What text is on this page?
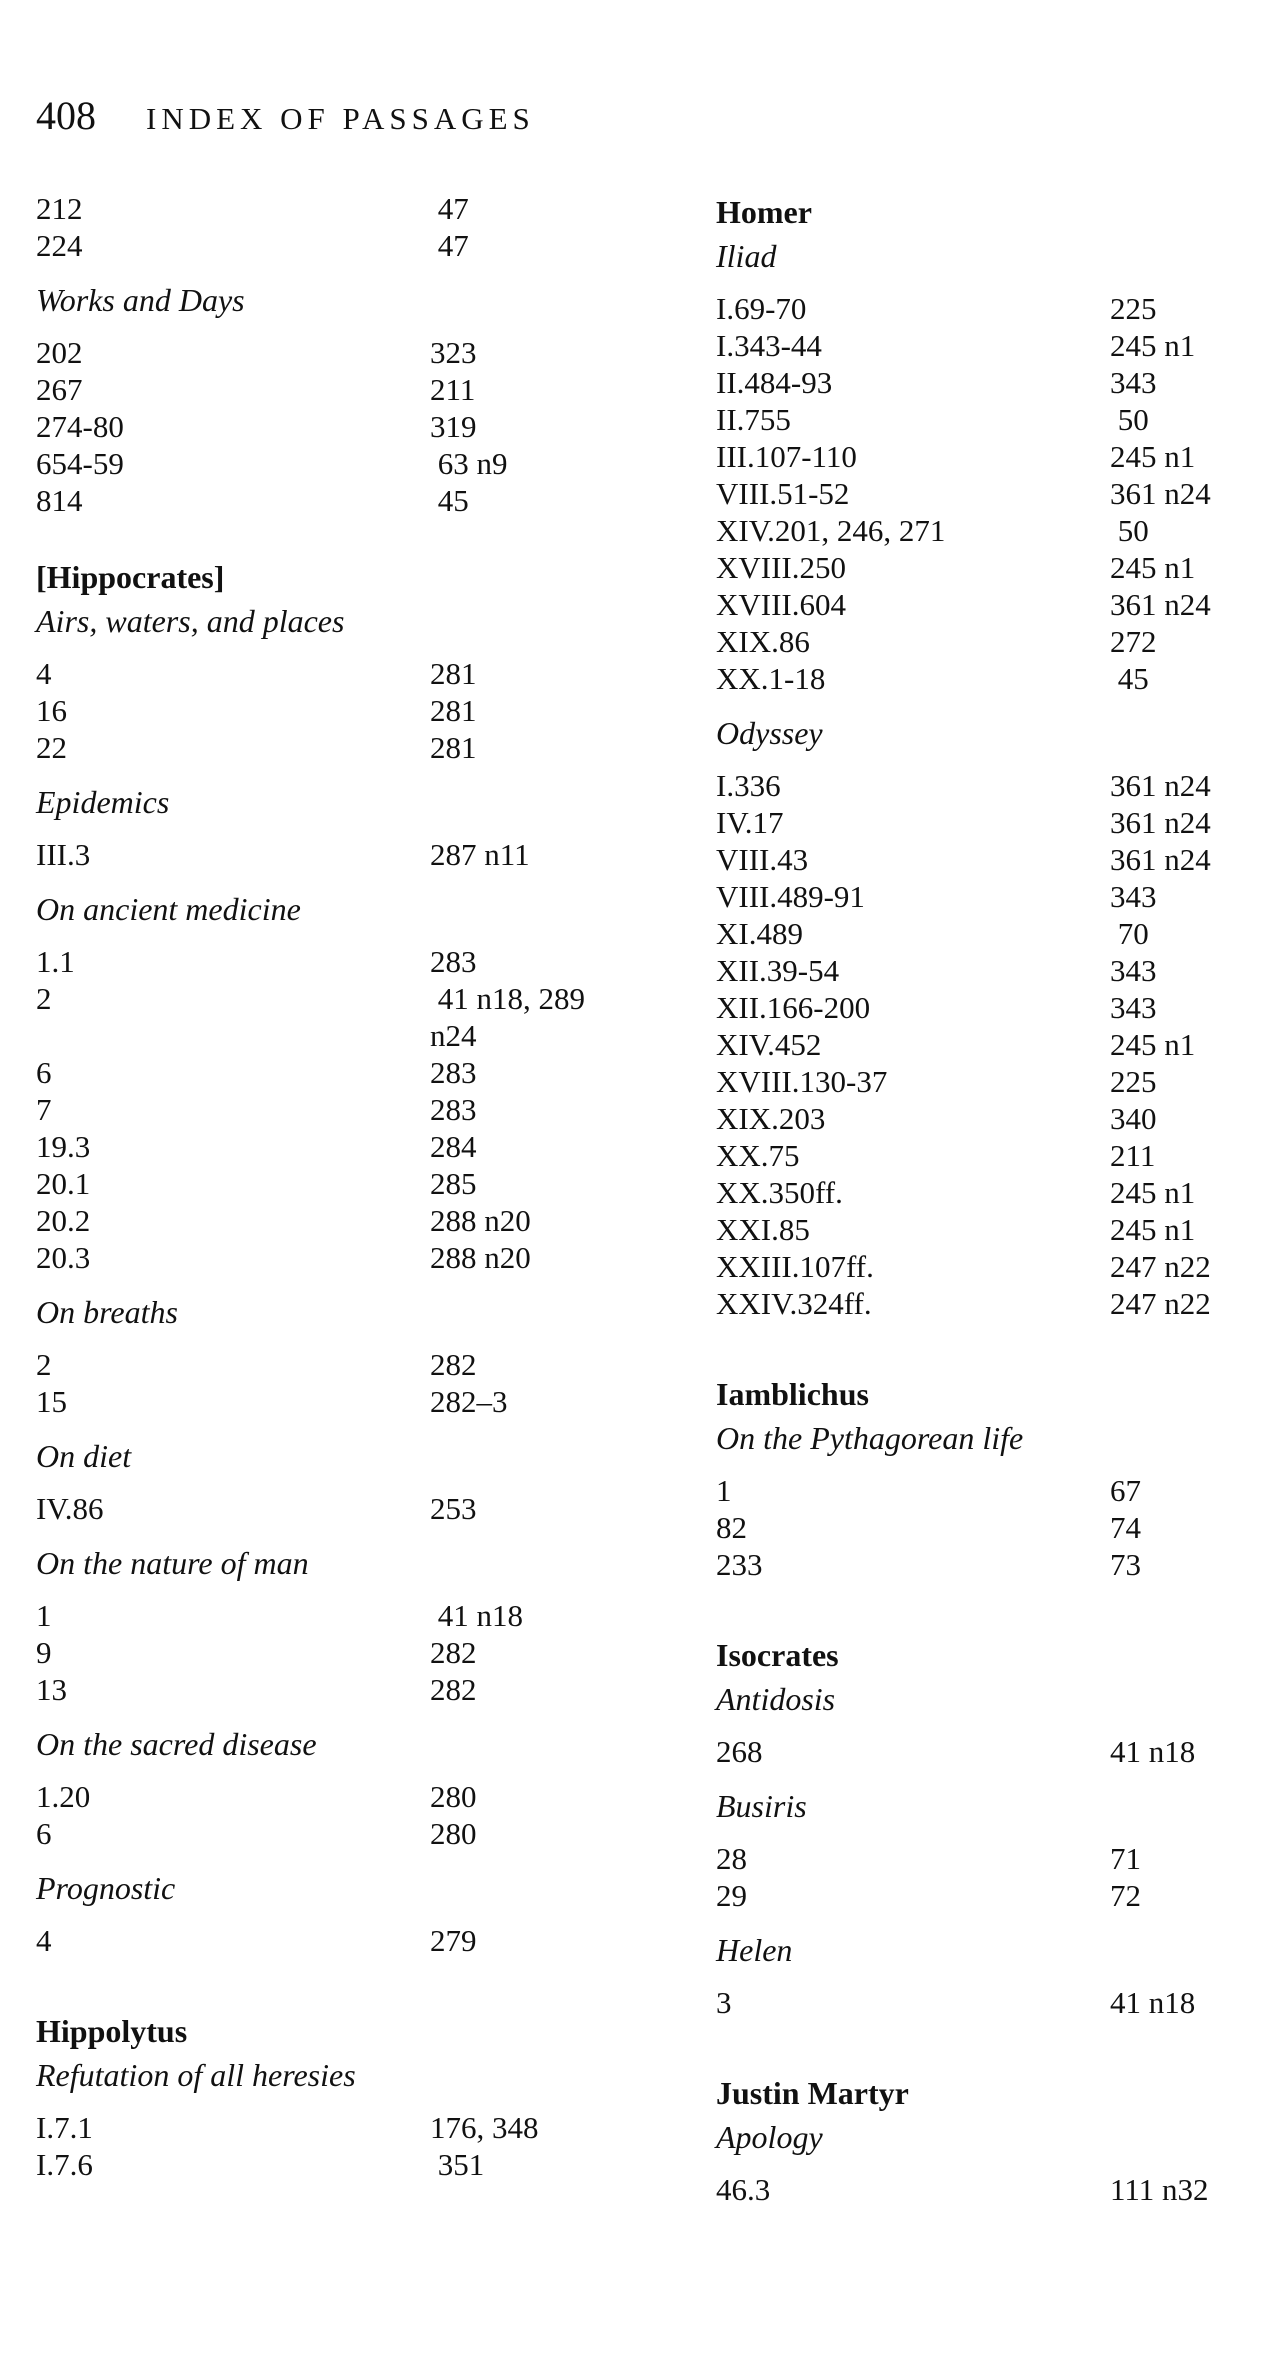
408 INDEX OF PASSAGES
212	47
224	47
Works and Days
202	323
267	211
274-80	319
654-59	63 n9
814	45
[Hippocrates]
Airs, waters, and places
4	281
16	281
22	281
Epidemics
III.3	287 n11
On ancient medicine
1.1	283
2	41 n18, 289
n24
6	283
7	283
19.3	284
20.1	285
20.2	288 n20
20.3	288 n20
On breaths
2	282
15	282–3
On diet
IV.86	253
On the nature of man
1	41 n18
9	282
13	282
On the sacred disease
1.20	280
6	280
Prognostic
4	279
Hippolytus
Refutation of all heresies
I.7.1	176, 348
I.7.6	351
Homer
Iliad
I.69-70	225
I.343-44	245 n1
II.484-93	343
II.755	50
III.107-110	245 n1
VIII.51-52	361 n24
XIV.201, 246, 271	50
XVIII.250	245 n1
XVIII.604	361 n24
XIX.86	272
XX.1-18	45
Odyssey
I.336	361 n24
IV.17	361 n24
VIII.43	361 n24
VIII.489-91	343
XI.489	70
XII.39-54	343
XII.166-200	343
XIV.452	245 n1
XVIII.130-37	225
XIX.203	340
XX.75	211
XX.350ff.	245 n1
XXI.85	245 n1
XXIII.107ff.	247 n22
XXIV.324ff.	247 n22
Iamblichus
On the Pythagorean life
1	67
82	74
233	73
Isocrates
Antidosis
268	41 n18
Busiris
28	71
29	72
Helen
3	41 n18
Justin Martyr
Apology
46.3	111 n32
